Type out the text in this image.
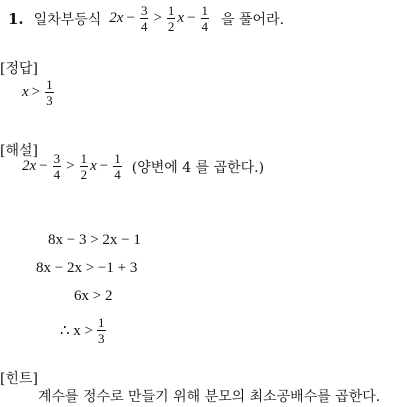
1. 일차부등식 $2x - \frac{3}{4} > \frac{1}{2}$ $x - \frac{1}{4}$ 을 풀어라.
[정답]
$x > \frac{1}{3}$
[해설]
$2x - \frac{3}{4} > \frac{1}{2}$ $x - \frac{1}{4}$ (양변에 4 를 곱한다.)
8x − 3 > 2x − 1
8x − 2x > −1 + 3
6x > 2
∴ $x > \frac{1}{3}$
[힌트]
계수를 정수로 만들기 위해 분모의 최소공배수를 곱한다.
